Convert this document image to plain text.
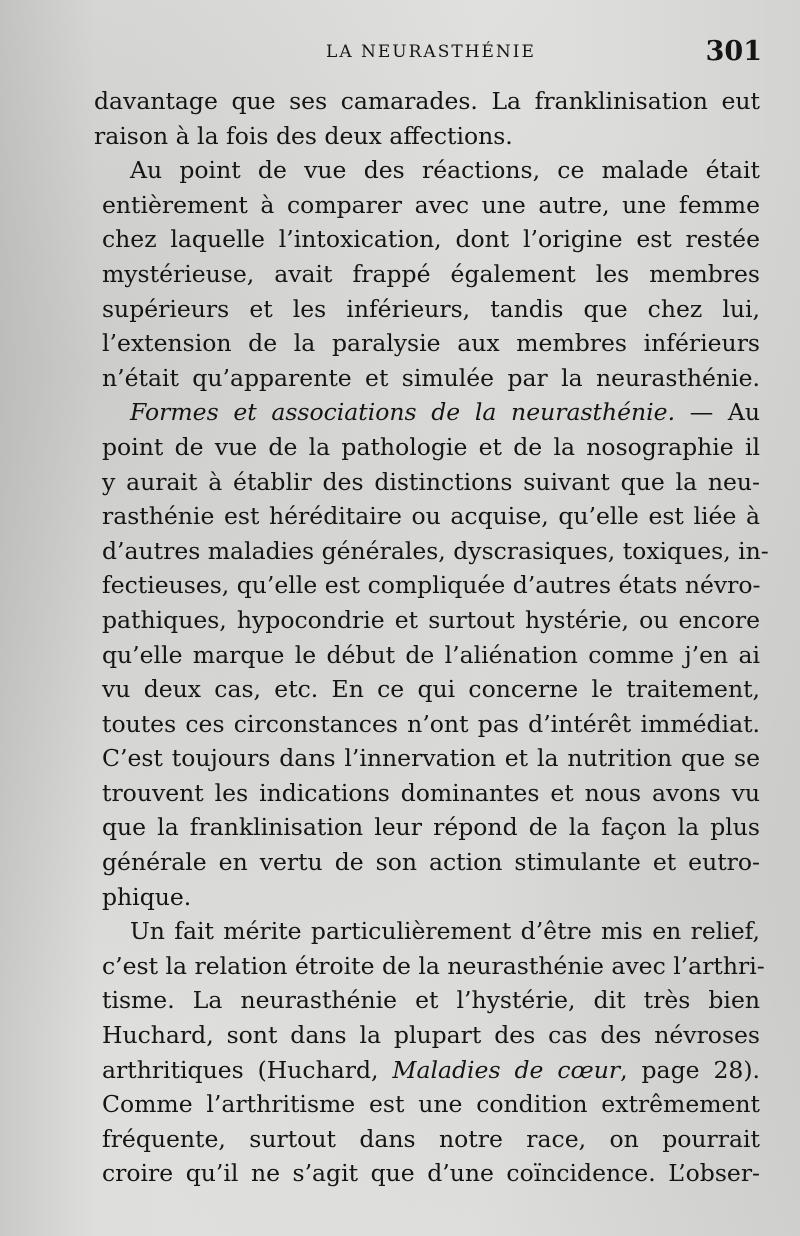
LA NEURASTHÉNIE	301
davantage que ses camarades. La franklinisation eut
raison à la fois des deux affections.
Au point de vue des réactions, ce malade était
entièrement à comparer avec une autre, une femme
chez laquelle l’intoxication, dont l’origine est restée
mystérieuse, avait frappé également les membres
supérieurs et les inférieurs, tandis que chez lui,
l’extension de la paralysie aux membres inférieurs
n’était qu’apparente et simulée par la neurasthénie.
Formes et associations de la neurasthénie. — Au
point de vue de la pathologie et de la nosographie il
y aurait à établir des distinctions suivant que la neu-
rasthénie est héréditaire ou acquise, qu’elle est liée à
d’autres maladies générales, dyscrasiques, toxiques, in-
fectieuses, qu’elle est compliquée d’autres états névro-
pathiques, hypocondrie et surtout hystérie, ou encore
qu’elle marque le début de l’aliénation comme j’en ai
vu deux cas, etc. En ce qui concerne le traitement,
toutes ces circonstances n’ont pas d’intérêt immédiat.
C’est toujours dans l’innervation et la nutrition que se
trouvent les indications dominantes et nous avons vu
que la franklinisation leur répond de la façon la plus
générale en vertu de son action stimulante et eutro-
phique.
Un fait mérite particulièrement d’être mis en relief,
c’est la relation étroite de la neurasthénie avec l’arthri-
tisme. La neurasthénie et l’hystérie, dit très bien
Huchard, sont dans la plupart des cas des névroses
arthritiques (Huchard, Maladies de cœur, page 28).
Comme l’arthritisme est une condition extrêmement
fréquente, surtout dans notre race, on pourrait
croire qu’il ne s’agit que d’une coïncidence. L’obser-
